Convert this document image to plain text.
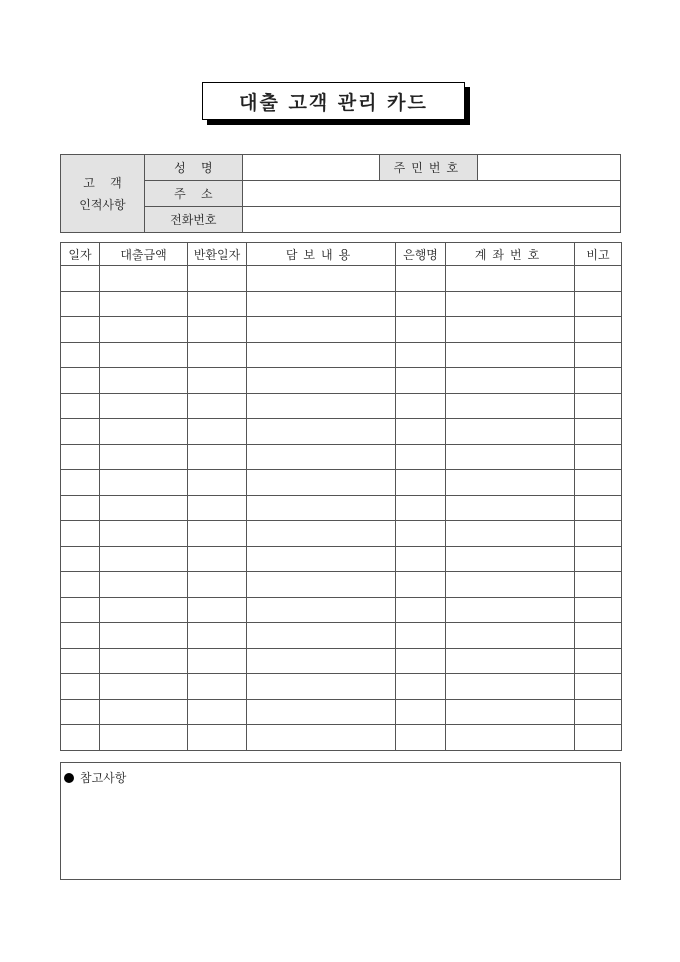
대출 고객 관리 카드
고    객
인적사항	성    명		주민번호	
	주    소			
	전화번호			
일자	대출금액	반환일자	담보내용	은행명	계좌번호	비고

참고사항
